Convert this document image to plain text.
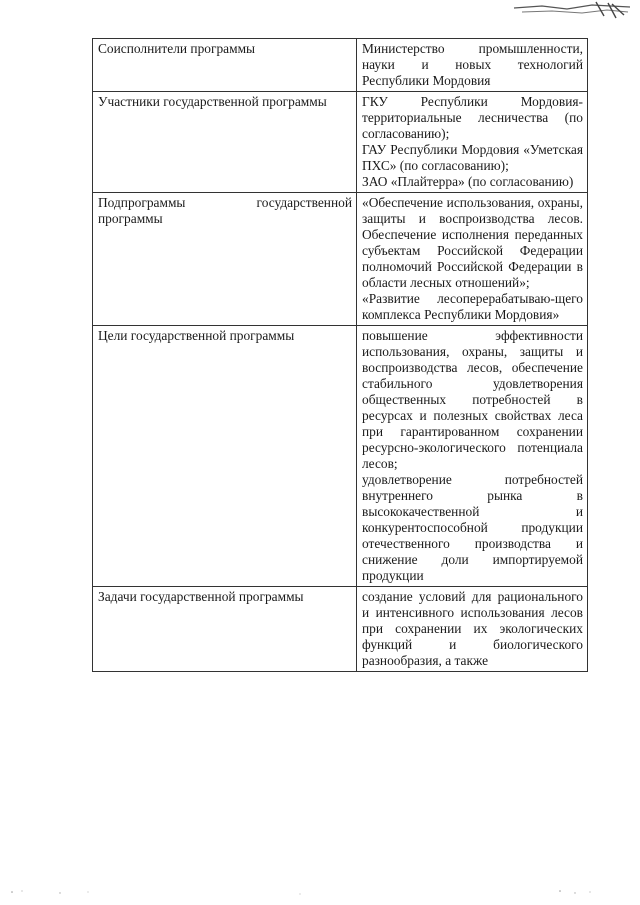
Соисполнители программы	Министерство промышленности, науки и новых технологий Республики Мордовия

Участники государственной программы	ГКУ Республики Мордовия-территориальные лесничества (по согласованию);
ГАУ Республики Мордовия «Уметская ПХС» (по согласованию);
ЗАО «Плайтерра» (по согласованию)

Подпрограммы государственной программы	«Обеспечение использования, охраны, защиты и воспроизводства лесов. Обеспечение исполнения переданных субъектам Российской Федерации полномочий Российской Федерации в области лесных отношений»;
«Развитие лесоперерабатываю-щего комплекса Республики Мордовия»

Цели государственной программы	повышение эффективности использования, охраны, защиты и воспроизводства лесов, обеспечение стабильного удовлетворения общественных потребностей в ресурсах и полезных свойствах леса при гарантированном сохранении ресурсно-экологического потенциала лесов;
удовлетворение потребностей внутреннего рынка в высококачественной и конкурентоспособной продукции отечественного производства и снижение доли импортируемой продукции

Задачи государственной программы	создание условий для рационального и интенсивного использования лесов при сохранении их экологических функций и биологического разнообразия, а также
